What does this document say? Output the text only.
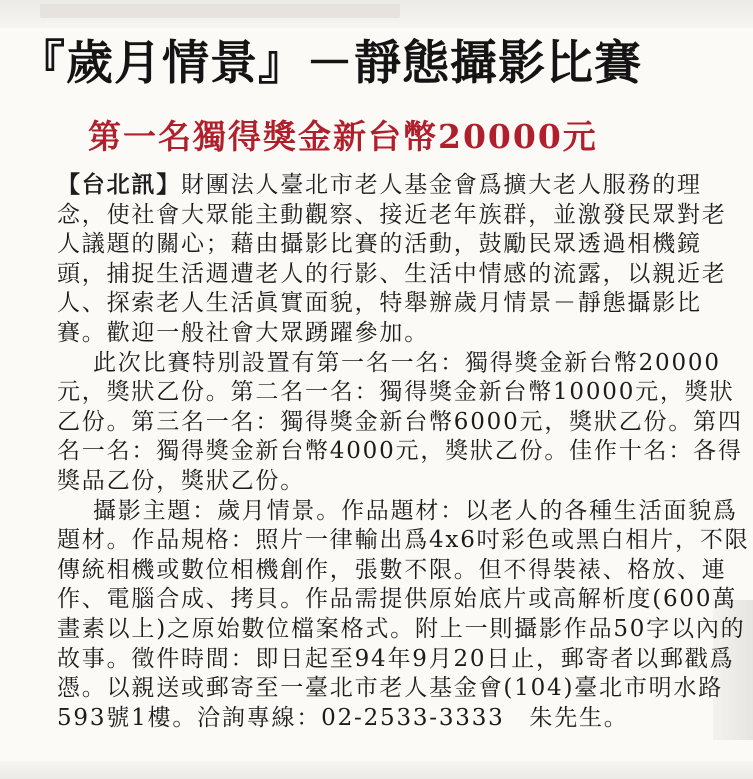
『歲月情景』－靜態攝影比賽
第一名獨得獎金新台幣20000元
【台北訊】財團法人臺北市老人基金會爲擴大老人服務的理
念，使社會大眾能主動觀察、接近老年族群，並激發民眾對老
人議題的關心；藉由攝影比賽的活動，鼓勵民眾透過相機鏡
頭，捕捉生活週遭老人的行影、生活中情感的流露，以親近老
人、探索老人生活眞實面貌，特舉辦歲月情景－靜態攝影比
賽。歡迎一般社會大眾踴躍參加。
此次比賽特別設置有第一名一名：獨得獎金新台幣20000
元，獎狀乙份。第二名一名：獨得獎金新台幣10000元，獎狀
乙份。第三名一名：獨得獎金新台幣6000元，獎狀乙份。第四
名一名：獨得獎金新台幣4000元，獎狀乙份。佳作十名：各得
獎品乙份，獎狀乙份。
攝影主題：歲月情景。作品題材：以老人的各種生活面貌爲
題材。作品規格：照片一律輸出爲4x6吋彩色或黑白相片，不限
傳統相機或數位相機創作，張數不限。但不得裝裱、格放、連
作、電腦合成、拷貝。作品需提供原始底片或高解析度(600萬
畫素以上)之原始數位檔案格式。附上一則攝影作品50字以內的
故事。徵件時間：即日起至94年9月20日止，郵寄者以郵戳爲
憑。以親送或郵寄至一臺北市老人基金會(104)臺北市明水路
593號1樓。洽詢專線：02-2533-3333　朱先生。
